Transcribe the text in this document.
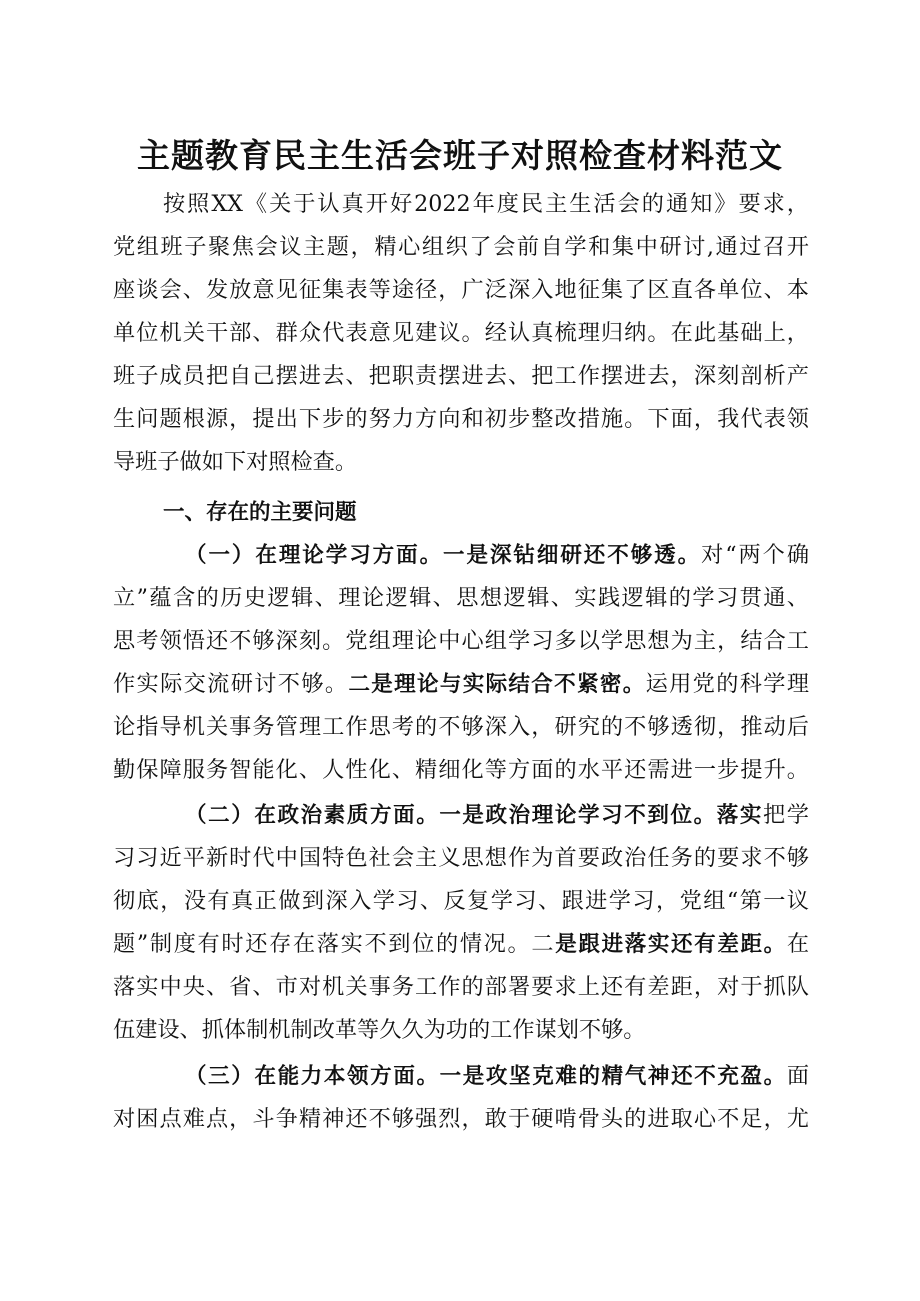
主题教育民主生活会班子对照检查材料范文

按照XX《关于认真开好2022年度民主生活会的通知》要求，

党组班子聚焦会议主题，精心组织了会前自学和集中研讨,通过召开

座谈会、发放意见征集表等途径，广泛深入地征集了区直各单位、本

单位机关干部、群众代表意见建议。经认真梳理归纳。在此基础上，

班子成员把自己摆进去、把职责摆进去、把工作摆进去，深刻剖析产

生问题根源，提出下步的努力方向和初步整改措施。下面，我代表领

导班子做如下对照检查。

一、存在的主要问题

（一）在理论学习方面。一是深钻细研还不够透。对“两个确

立”蕴含的历史逻辑、理论逻辑、思想逻辑、实践逻辑的学习贯通、

思考领悟还不够深刻。党组理论中心组学习多以学思想为主，结合工

作实际交流研讨不够。二是理论与实际结合不紧密。运用党的科学理

论指导机关事务管理工作思考的不够深入，研究的不够透彻，推动后

勤保障服务智能化、人性化、精细化等方面的水平还需进一步提升。

（二）在政治素质方面。一是政治理论学习不到位。落实把学

习习近平新时代中国特色社会主义思想作为首要政治任务的要求不够

彻底，没有真正做到深入学习、反复学习、跟进学习，党组“第一议

题”制度有时还存在落实不到位的情况。二是跟进落实还有差距。在

落实中央、省、市对机关事务工作的部署要求上还有差距，对于抓队

伍建设、抓体制机制改革等久久为功的工作谋划不够。

（三）在能力本领方面。一是攻坚克难的精气神还不充盈。面

对困点难点，斗争精神还不够强烈，敢于硬啃骨头的进取心不足，尤
